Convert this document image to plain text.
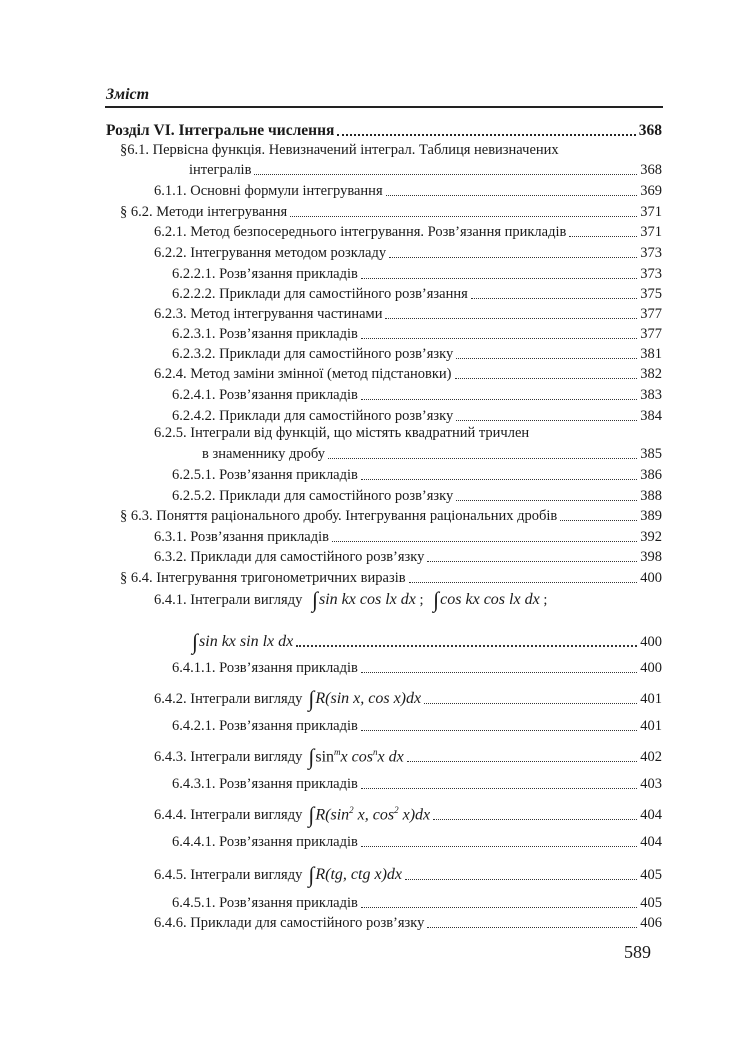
Зміст
Розділ VI. Інтегральне числення	368
§6.1. Первісна функція. Невизначений інтеграл. Таблиця невизначених
інтегралів	368
6.1.1. Основні формули інтегрування	369
§ 6.2. Методи інтегрування	371
6.2.1. Метод безпосереднього інтегрування. Розв’язання прикладів	371
6.2.2. Інтегрування методом розкладу	373
6.2.2.1. Розв’язання прикладів	373
6.2.2.2. Приклади для самостійного розв’язання	375
6.2.3. Метод інтегрування частинами	377
6.2.3.1. Розв’язання прикладів	377
6.2.3.2. Приклади для самостійного розв’язку	381
6.2.4. Метод заміни змінної (метод підстановки)	382
6.2.4.1. Розв’язання прикладів	383
6.2.4.2. Приклади для самостійного розв’язку	384
6.2.5. Інтеграли від функцій, що містять квадратний тричлен
в знаменнику дробу	385
6.2.5.1. Розв’язання прикладів	386
6.2.5.2. Приклади для самостійного розв’язку	388
§ 6.3. Поняття раціонального дробу. Інтегрування раціональних дробів	389
6.3.1. Розв’язання прикладів	392
6.3.2. Приклади для самостійного розв’язку	398
§ 6.4. Інтегрування тригонометричних виразів	400
6.4.1. Інтеграли вигляду ∫sin kx cos lx dx ; ∫cos kx cos lx dx ;
∫sin kx sin lx dx	400
6.4.1.1. Розв’язання прикладів	400
6.4.2. Інтеграли вигляду ∫R(sin x, cos x)dx	401
6.4.2.1. Розв’язання прикладів	401
6.4.3. Інтеграли вигляду $\int\sin^mx$ $\cos^nx$ dx	402
6.4.3.1. Розв’язання прикладів	403
6.4.4. Інтеграли вигляду $\int R(\sin^2$ x, $\cos^2 x)dx$	404
6.4.4.1. Розв’язання прикладів	404
6.4.5. Інтеграли вигляду ∫R(tg, ctg x)dx	405
6.4.5.1. Розв’язання прикладів	405
6.4.6. Приклади для самостійного розв’язку	406
589
